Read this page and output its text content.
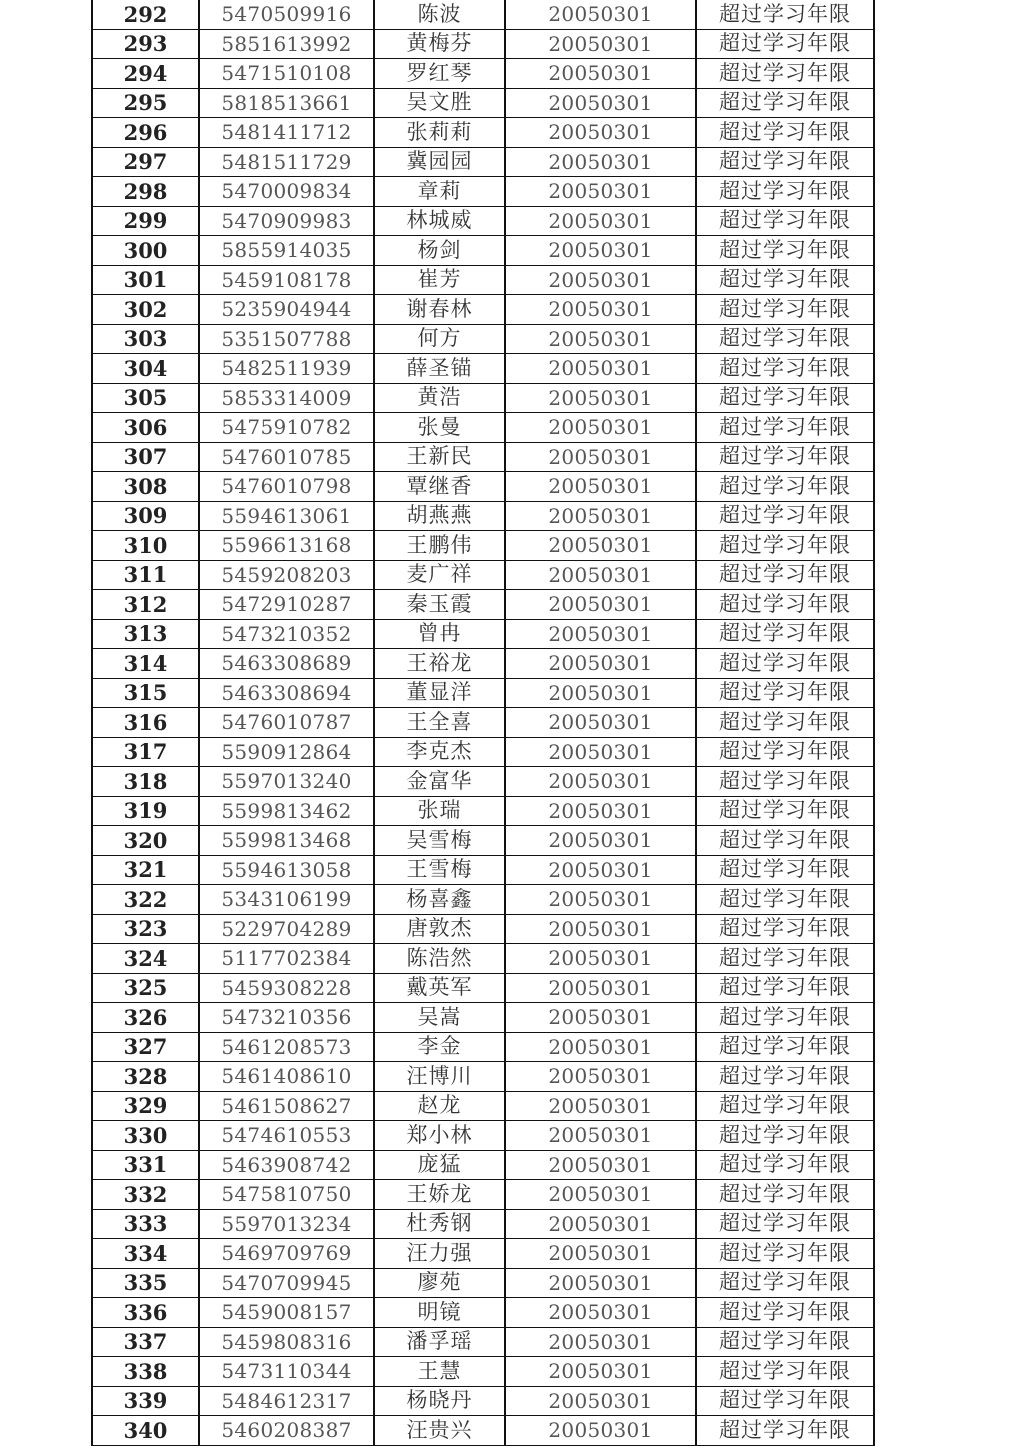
292	5470509916	陈波	20050301	超过学习年限
293	5851613992	黄梅芬	20050301	超过学习年限
294	5471510108	罗红琴	20050301	超过学习年限
295	5818513661	吴文胜	20050301	超过学习年限
296	5481411712	张莉莉	20050301	超过学习年限
297	5481511729	冀园园	20050301	超过学习年限
298	5470009834	章莉	20050301	超过学习年限
299	5470909983	林城威	20050301	超过学习年限
300	5855914035	杨剑	20050301	超过学习年限
301	5459108178	崔芳	20050301	超过学习年限
302	5235904944	谢春林	20050301	超过学习年限
303	5351507788	何方	20050301	超过学习年限
304	5482511939	薛圣锚	20050301	超过学习年限
305	5853314009	黄浩	20050301	超过学习年限
306	5475910782	张曼	20050301	超过学习年限
307	5476010785	王新民	20050301	超过学习年限
308	5476010798	覃继香	20050301	超过学习年限
309	5594613061	胡燕燕	20050301	超过学习年限
310	5596613168	王鹏伟	20050301	超过学习年限
311	5459208203	麦广祥	20050301	超过学习年限
312	5472910287	秦玉霞	20050301	超过学习年限
313	5473210352	曾冉	20050301	超过学习年限
314	5463308689	王裕龙	20050301	超过学习年限
315	5463308694	董显洋	20050301	超过学习年限
316	5476010787	王全喜	20050301	超过学习年限
317	5590912864	李克杰	20050301	超过学习年限
318	5597013240	金富华	20050301	超过学习年限
319	5599813462	张瑞	20050301	超过学习年限
320	5599813468	吴雪梅	20050301	超过学习年限
321	5594613058	王雪梅	20050301	超过学习年限
322	5343106199	杨喜鑫	20050301	超过学习年限
323	5229704289	唐敦杰	20050301	超过学习年限
324	5117702384	陈浩然	20050301	超过学习年限
325	5459308228	戴英军	20050301	超过学习年限
326	5473210356	吴嵩	20050301	超过学习年限
327	5461208573	李金	20050301	超过学习年限
328	5461408610	汪博川	20050301	超过学习年限
329	5461508627	赵龙	20050301	超过学习年限
330	5474610553	郑小林	20050301	超过学习年限
331	5463908742	庞猛	20050301	超过学习年限
332	5475810750	王娇龙	20050301	超过学习年限
333	5597013234	杜秀钢	20050301	超过学习年限
334	5469709769	汪力强	20050301	超过学习年限
335	5470709945	廖苑	20050301	超过学习年限
336	5459008157	明镜	20050301	超过学习年限
337	5459808316	潘孚瑶	20050301	超过学习年限
338	5473110344	王慧	20050301	超过学习年限
339	5484612317	杨晓丹	20050301	超过学习年限
340	5460208387	汪贵兴	20050301	超过学习年限
